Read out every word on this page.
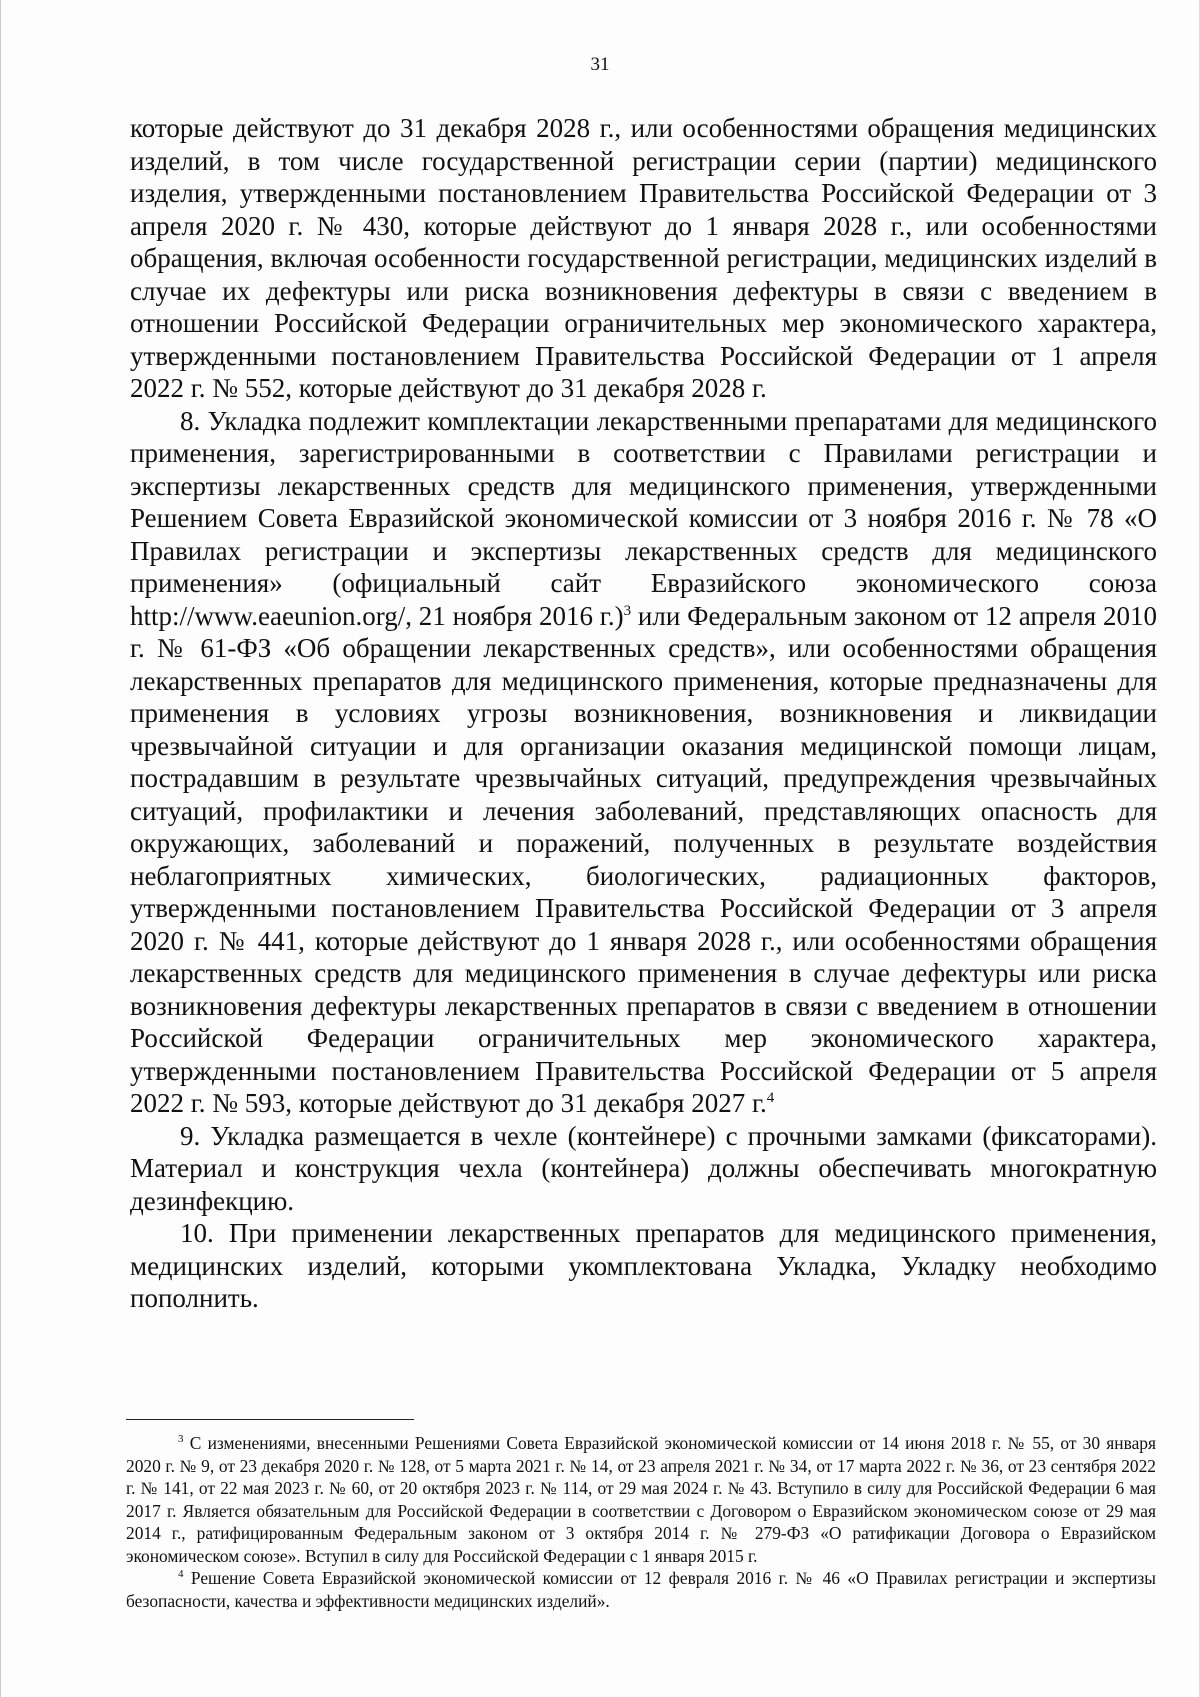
31

которые действуют до 31 декабря 2028 г., или особенностями обращения медицинских изделий, в том числе государственной регистрации серии (партии) медицинского изделия, утвержденными постановлением Правительства Российской Федерации от 3 апреля 2020 г. № 430, которые действуют до 1 января 2028 г., или особенностями обращения, включая особенности государственной регистрации, медицинских изделий в случае их дефектуры или риска возникновения дефектуры в связи с введением в отношении Российской Федерации ограничительных мер экономического характера, утвержденными постановлением Правительства Российской Федерации от 1 апреля 2022 г. № 552, которые действуют до 31 декабря 2028 г.

8. Укладка подлежит комплектации лекарственными препаратами для медицинского применения, зарегистрированными в соответствии с Правилами регистрации и экспертизы лекарственных средств для медицинского применения, утвержденными Решением Совета Евразийской экономической комиссии от 3 ноября 2016 г. № 78 «О Правилах регистрации и экспертизы лекарственных средств для медицинского применения» (официальный сайт Евразийского экономического союза http://www.eaeunion.org/, 21 ноября 2016 г.)$^3$ или Федеральным законом от 12 апреля 2010 г. № 61-ФЗ «Об обращении лекарственных средств», или особенностями обращения лекарственных препаратов для медицинского применения, которые предназначены для применения в условиях угрозы возникновения, возникновения и ликвидации чрезвычайной ситуации и для организации оказания медицинской помощи лицам, пострадавшим в результате чрезвычайных ситуаций, предупреждения чрезвычайных ситуаций, профилактики и лечения заболеваний, представляющих опасность для окружающих, заболеваний и поражений, полученных в результате воздействия неблагоприятных химических, биологических, радиационных факторов, утвержденными постановлением Правительства Российской Федерации от 3 апреля 2020 г. № 441, которые действуют до 1 января 2028 г., или особенностями обращения лекарственных средств для медицинского применения в случае дефектуры или риска возникновения дефектуры лекарственных препаратов в связи с введением в отношении Российской Федерации ограничительных мер экономического характера, утвержденными постановлением Правительства Российской Федерации от 5 апреля 2022 г. № 593, которые действуют до 31 декабря 2027 г.$^4$

9. Укладка размещается в чехле (контейнере) с прочными замками (фиксаторами). Материал и конструкция чехла (контейнера) должны обеспечивать многократную дезинфекцию.

10. При применении лекарственных препаратов для медицинского применения, медицинских изделий, которыми укомплектована Укладка, Укладку необходимо пополнить.

$^3$ С изменениями, внесенными Решениями Совета Евразийской экономической комиссии от 14 июня 2018 г. № 55, от 30 января 2020 г. № 9, от 23 декабря 2020 г. № 128, от 5 марта 2021 г. № 14, от 23 апреля 2021 г. № 34, от 17 марта 2022 г. № 36, от 23 сентября 2022 г. № 141, от 22 мая 2023 г. № 60, от 20 октября 2023 г. № 114, от 29 мая 2024 г. № 43. Вступило в силу для Российской Федерации 6 мая 2017 г. Является обязательным для Российской Федерации в соответствии с Договором о Евразийском экономическом союзе от 29 мая 2014 г., ратифицированным Федеральным законом от 3 октября 2014 г. № 279-ФЗ «О ратификации Договора о Евразийском экономическом союзе». Вступил в силу для Российской Федерации с 1 января 2015 г.

$^4$ Решение Совета Евразийской экономической комиссии от 12 февраля 2016 г. № 46 «О Правилах регистрации и экспертизы безопасности, качества и эффективности медицинских изделий».
